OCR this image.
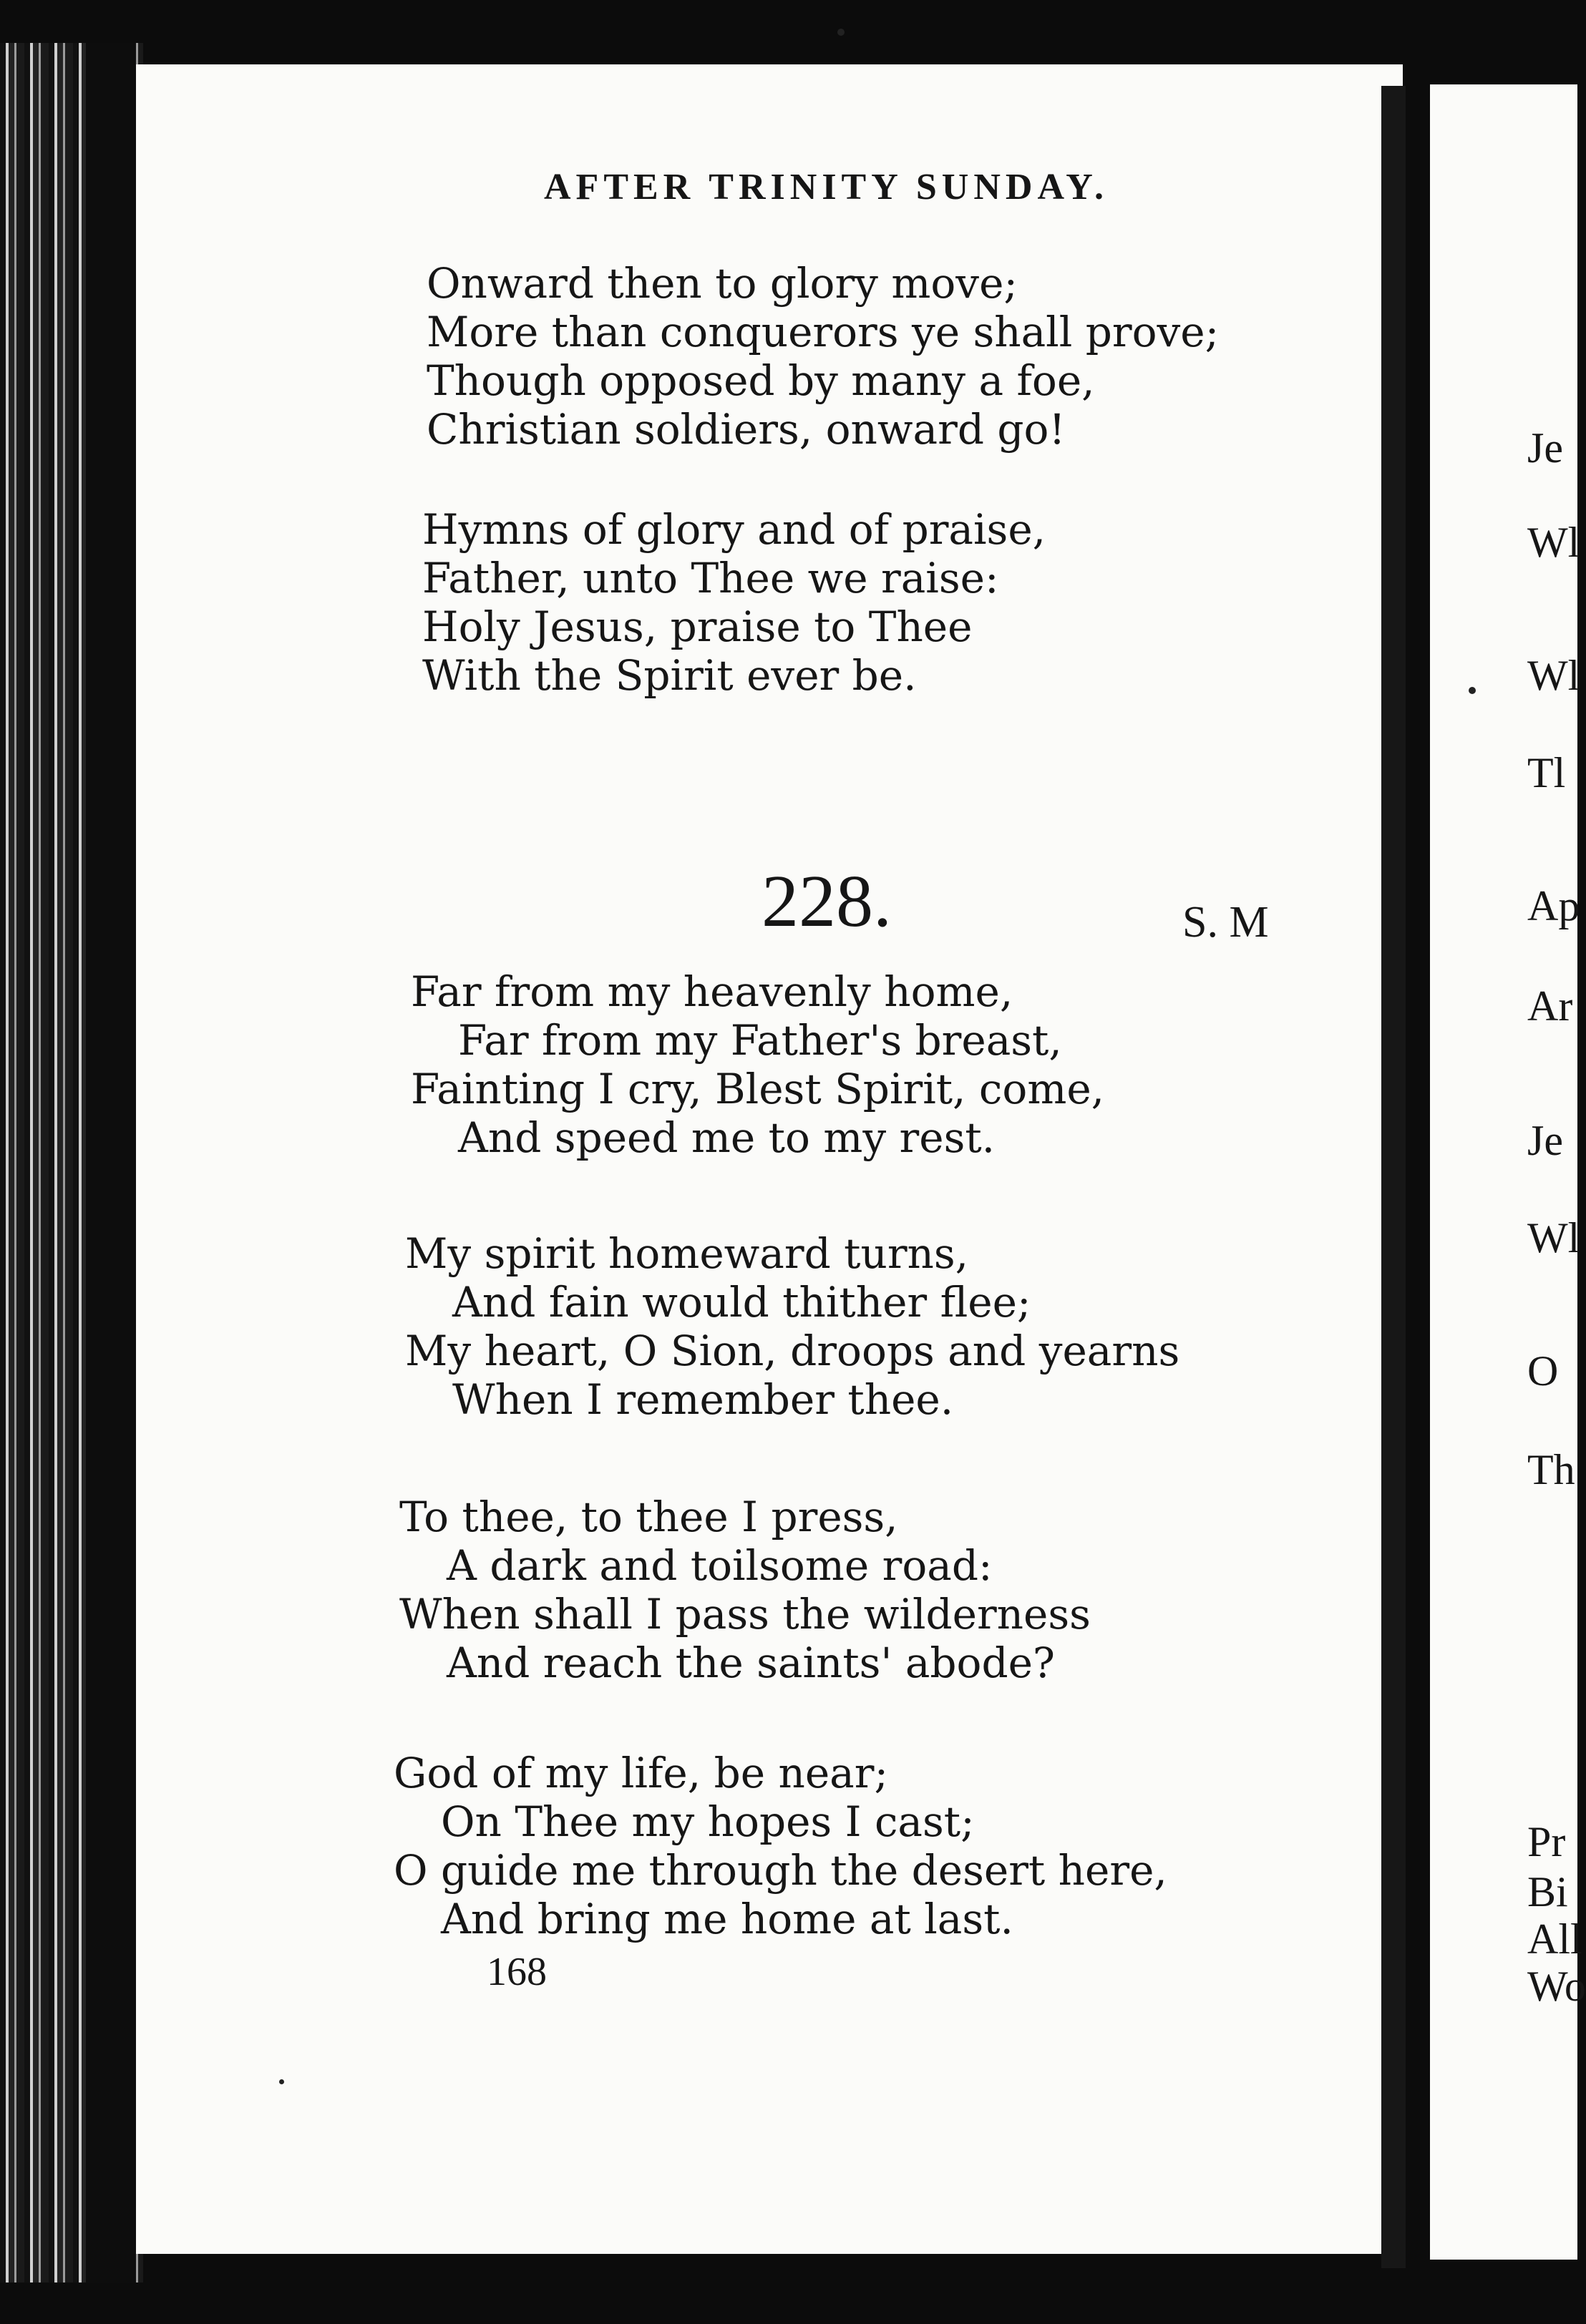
AFTER TRINITY SUNDAY.
Onward then to glory move;
More than conquerors ye shall prove;
Though opposed by many a foe,
Christian soldiers, onward go!
Hymns of glory and of praise,
Father, unto Thee we raise:
Holy Jesus, praise to Thee
With the Spirit ever be.
228.	S. M
Far from my heavenly home,
Far from my Father's breast,
Fainting I cry, Blest Spirit, come,
And speed me to my rest.
My spirit homeward turns,
And fain would thither flee;
My heart, O Sion, droops and yearns
When I remember thee.
To thee, to thee I press,
A dark and toilsome road:
When shall I pass the wilderness
And reach the saints' abode?
God of my life, be near;
On Thee my hopes I cast;
O guide me through the desert here,
And bring me home at last.
168
Je
Wl
Wl
Tl
Ap
Ar
Je
Wl
O
Th
Pr
Bi
All
Wo
